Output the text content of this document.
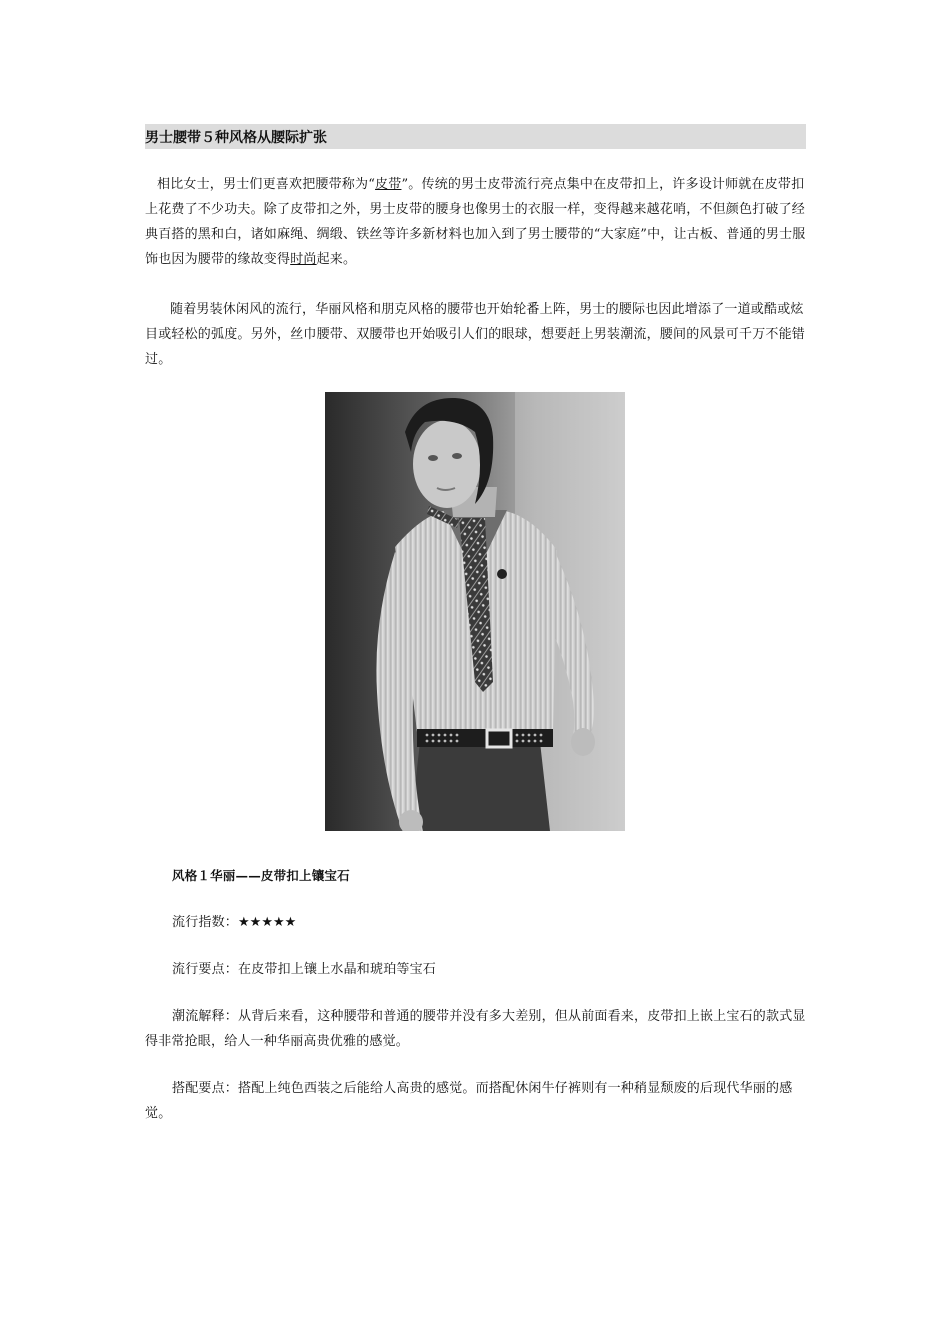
男士腰带５种风格从腰际扩张

相比女士，男士们更喜欢把腰带称为“皮带”。传统的男士皮带流行亮点集中在皮带扣上，许多设计师就在皮带扣上花费了不少功夫。除了皮带扣之外，男士皮带的腰身也像男士的衣服一样，变得越来越花哨，不但颜色打破了经典百搭的黑和白，诸如麻绳、绸缎、铁丝等许多新材料也加入到了男士腰带的“大家庭”中，让古板、普通的男士服饰也因为腰带的缘故变得时尚起来。

随着男装休闲风的流行，华丽风格和朋克风格的腰带也开始轮番上阵，男士的腰际也因此增添了一道或酷或炫目或轻松的弧度。另外，丝巾腰带、双腰带也开始吸引人们的眼球，想要赶上男装潮流，腰间的风景可千万不能错过。

风格１华丽——皮带扣上镶宝石

流行指数：★★★★★

流行要点：在皮带扣上镶上水晶和琥珀等宝石

潮流解释：从背后来看，这种腰带和普通的腰带并没有多大差别，但从前面看来，皮带扣上嵌上宝石的款式显得非常抢眼，给人一种华丽高贵优雅的感觉。

搭配要点：搭配上纯色西装之后能给人高贵的感觉。而搭配休闲牛仔裤则有一种稍显颓废的后现代华丽的感觉。
